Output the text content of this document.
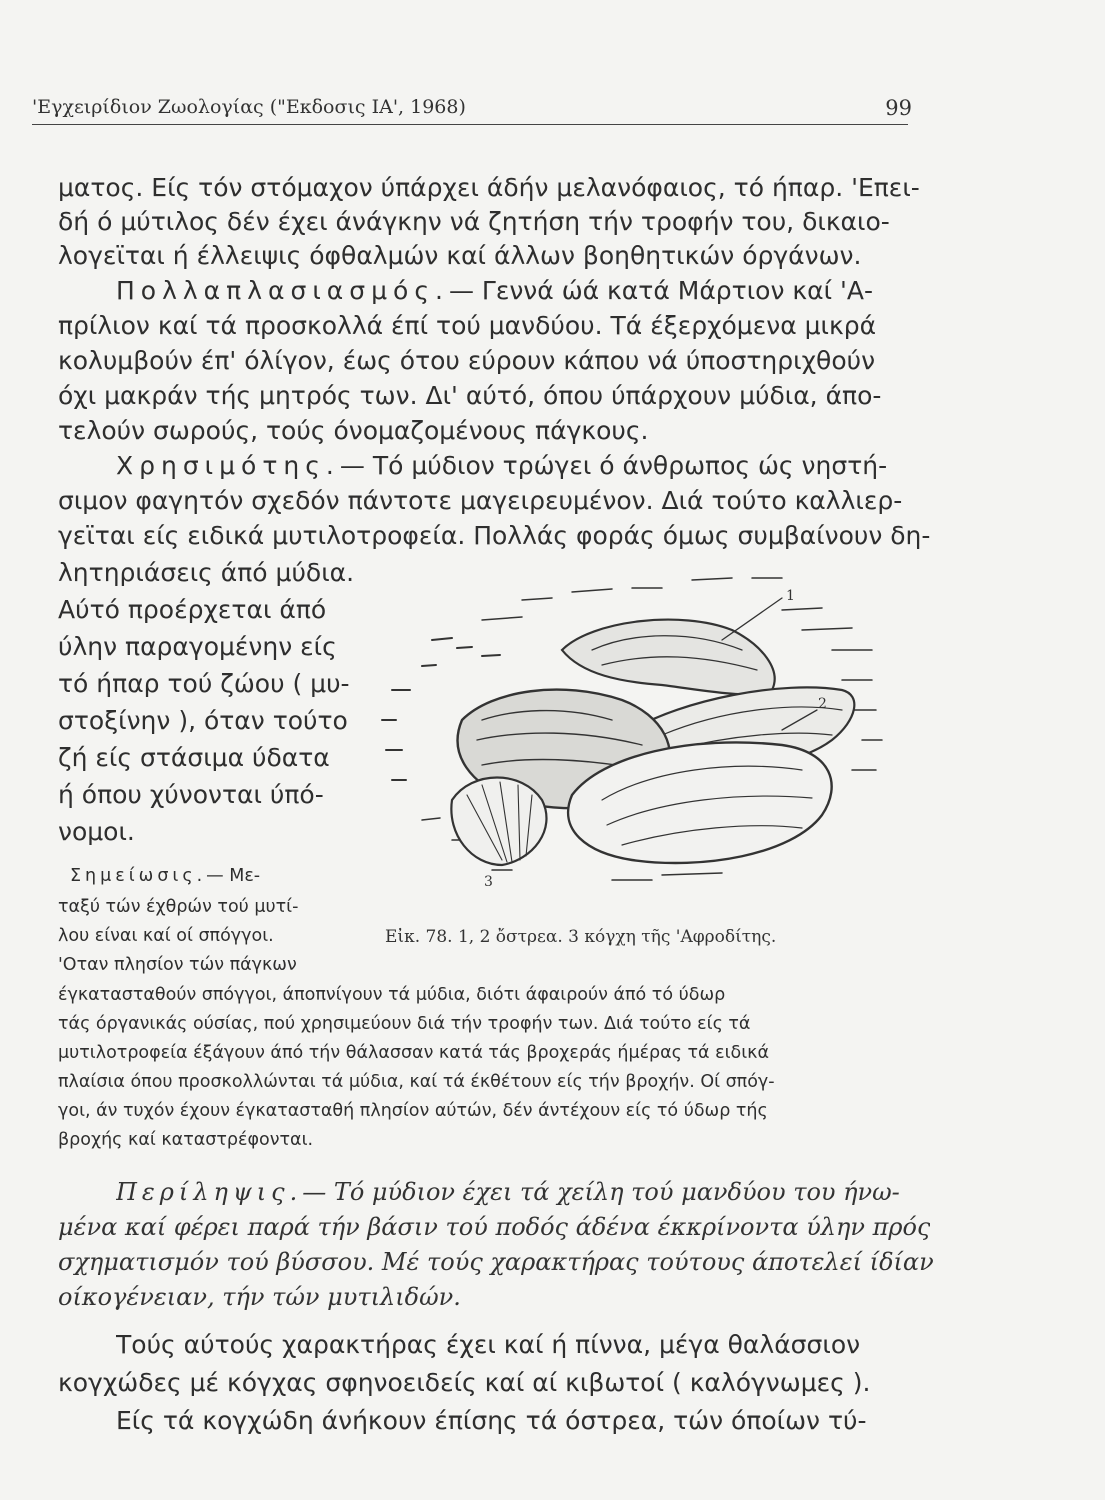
'Εγχειρίδιον Ζωολογίας ("Εκδοσις ΙΑ', 1968)	99
ματος. Είς τόν στόμαχον ύπάρχει άδήν μελανόφαιος, τό ήπαρ. 'Επει-
δή ό μύτιλος δέν έχει άνάγκην νά ζητήση τήν τροφήν του, δικαιο-
λογεϊται ή έλλειψις όφθαλμών καί άλλων βοηθητικών όργάνων.
Πολλαπλασιασμός.— Γεννά ώά κατά Μάρτιον καί 'Α-
πρίλιον καί τά προσκολλά έπί τού μανδύου. Τά έξερχόμενα μικρά
κολυμβούν έπ' όλίγον, έως ότου εύρουν κάπου νά ύποστηριχθούν
όχι μακράν τής μητρός των. Δι' αύτό, όπου ύπάρχουν μύδια, άπο-
τελούν σωρούς, τούς όνομαζομένους πάγκους.
Χρησιμότης.— Τό μύδιον τρώγει ό άνθρωπος ώς νηστή-
σιμον φαγητόν σχεδόν πάντοτε μαγειρευμένον. Διά τούτο καλλιερ-
γεϊται είς ειδικά μυτιλοτροφεία. Πολλάς φοράς όμως συμβαίνουν δη-
λητηριάσεις άπό μύδια.
Αύτό προέρχεται άπό
ύλην παραγομένην είς
τό ήπαρ τού ζώου ( μυ-
στοξίνην ), όταν τούτο
ζή είς στάσιμα ύδατα
ή όπου χύνονται ύπό-
νομοι.
Σημείωσις.— Με-
ταξύ τών έχθρών τού μυτί-
λου είναι καί οί σπόγγοι.
'Οταν πλησίον τών πάγκων
έγκατασταθούν σπόγγοι, άποπνίγουν τά μύδια, διότι άφαιρούν άπό τό ύδωρ
τάς όργανικάς ούσίας, πού χρησιμεύουν διά τήν τροφήν των. Διά τούτο είς τά
μυτιλοτροφεία έξάγουν άπό τήν θάλασσαν κατά τάς βροχεράς ήμέρας τά ειδικά
πλαίσια όπου προσκολλώνται τά μύδια, καί τά έκθέτουν είς τήν βροχήν. Οί σπόγ-
γοι, άν τυχόν έχουν έγκατασταθή πλησίον αύτών, δέν άντέχουν είς τό ύδωρ τής
βροχής καί καταστρέφονται.
Εἰκ. 78. 1, 2 ὄστρεα. 3 κόγχη τῆς 'Αφροδίτης.
Περίληψις.— Τό μύδιον έχει τά χείλη τού μανδύου του ήνω-
μένα καί φέρει παρά τήν βάσιν τού ποδός άδένα έκκρίνοντα ύλην πρός
σχηματισμόν τού βύσσου. Μέ τούς χαρακτήρας τούτους άποτελεί ίδίαν
οίκογένειαν, τήν τών μυτιλιδών.
Τούς αύτούς χαρακτήρας έχει καί ή πίννα, μέγα θαλάσσιον
κογχώδες μέ κόγχας σφηνοειδείς καί αί κιβωτοί ( καλόγνωμες ).
Είς τά κογχώδη άνήκουν έπίσης τά όστρεα, τών όποίων τύ-
1
2
3
